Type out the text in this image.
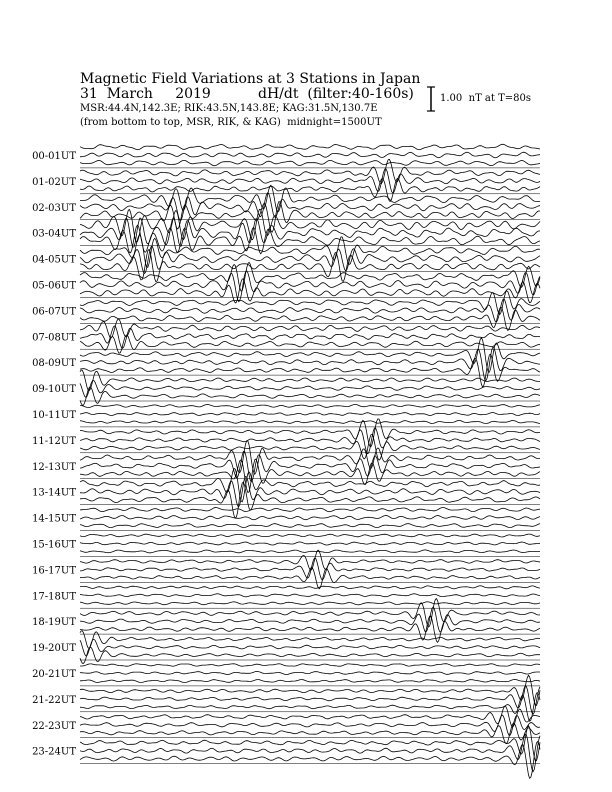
Magnetic Field Variations at 3 Stations in Japan
31  March     2019	dH/dt  (filter:40-160s)
MSR:44.4N,142.3E; RIK:43.5N,143.8E; KAG:31.5N,130.7E
(from bottom to top, MSR, RIK, & KAG)  midnight=1500UT
1.00  nT at T=80s
00-01UT
01-02UT
02-03UT
03-04UT
04-05UT
05-06UT
06-07UT
07-08UT
08-09UT
09-10UT
10-11UT
11-12UT
12-13UT
13-14UT
14-15UT
15-16UT
16-17UT
17-18UT
18-19UT
19-20UT
20-21UT
21-22UT
22-23UT
23-24UT
